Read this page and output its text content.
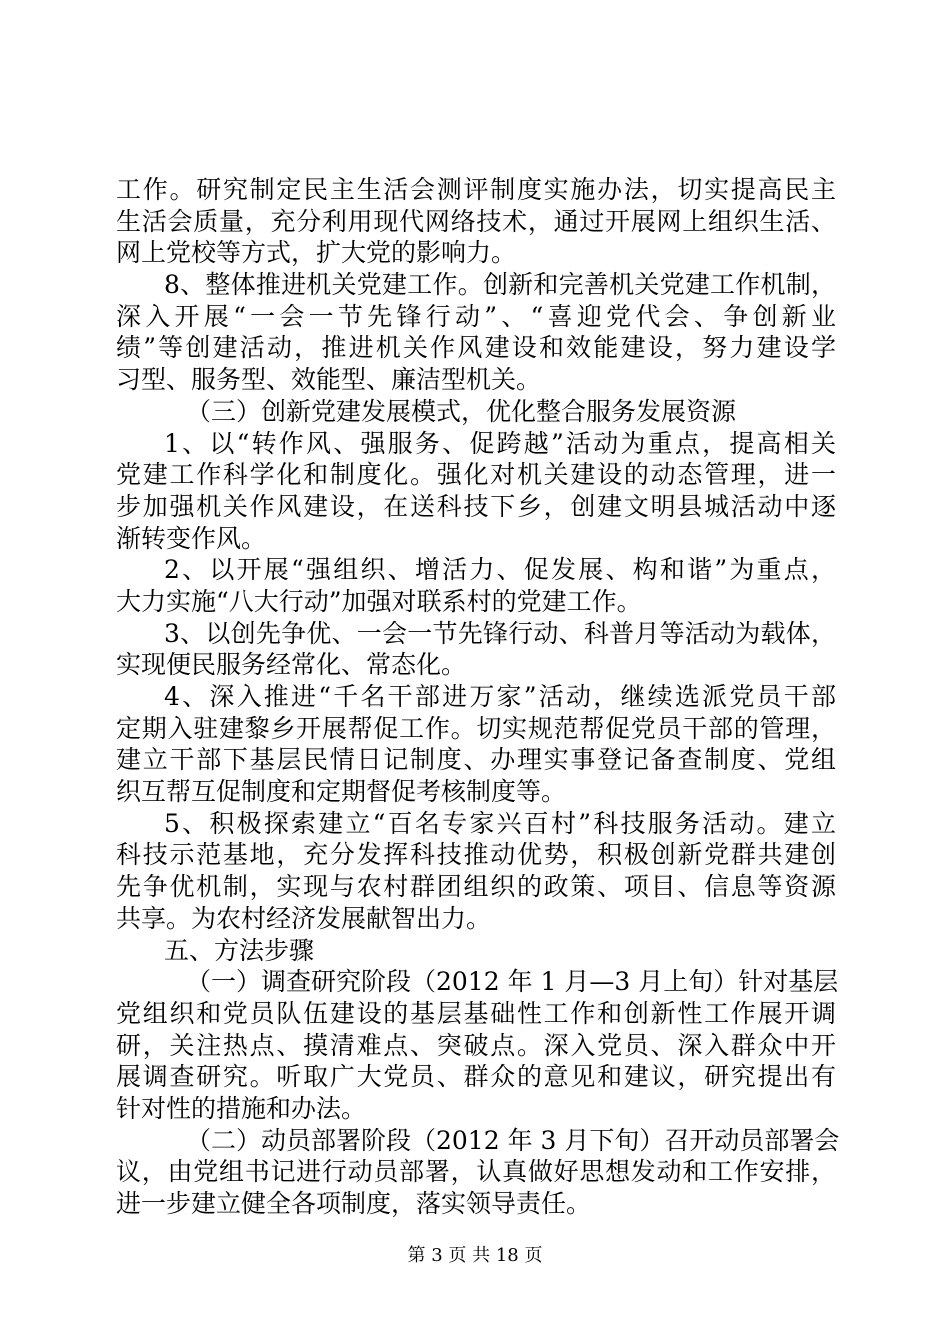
工作。研究制定民主生活会测评制度实施办法，切实提高民主
生活会质量，充分利用现代网络技术，通过开展网上组织生活、
网上党校等方式，扩大党的影响力。
8、整体推进机关党建工作。创新和完善机关党建工作机制，
深入开展“一会一节先锋行动”、“喜迎党代会、争创新业
绩”等创建活动，推进机关作风建设和效能建设，努力建设学
习型、服务型、效能型、廉洁型机关。
（三）创新党建发展模式，优化整合服务发展资源
1、以“转作风、强服务、促跨越”活动为重点，提高相关
党建工作科学化和制度化。强化对机关建设的动态管理，进一
步加强机关作风建设，在送科技下乡，创建文明县城活动中逐
渐转变作风。
2、以开展“强组织、增活力、促发展、构和谐”为重点，
大力实施“八大行动”加强对联系村的党建工作。
3、以创先争优、一会一节先锋行动、科普月等活动为载体，
实现便民服务经常化、常态化。
4、深入推进“千名干部进万家”活动，继续选派党员干部
定期入驻建黎乡开展帮促工作。切实规范帮促党员干部的管理，
建立干部下基层民情日记制度、办理实事登记备查制度、党组
织互帮互促制度和定期督促考核制度等。
5、积极探索建立“百名专家兴百村”科技服务活动。建立
科技示范基地，充分发挥科技推动优势，积极创新党群共建创
先争优机制，实现与农村群团组织的政策、项目、信息等资源
共享。为农村经济发展献智出力。
五、方法步骤
（一）调查研究阶段（2012 年 1 月—3 月上旬）针对基层
党组织和党员队伍建设的基层基础性工作和创新性工作展开调
研，关注热点、摸清难点、突破点。深入党员、深入群众中开
展调查研究。听取广大党员、群众的意见和建议，研究提出有
针对性的措施和办法。
（二）动员部署阶段（2012 年 3 月下旬）召开动员部署会
议，由党组书记进行动员部署，认真做好思想发动和工作安排，
进一步建立健全各项制度，落实领导责任。
第 3 页 共 18 页
